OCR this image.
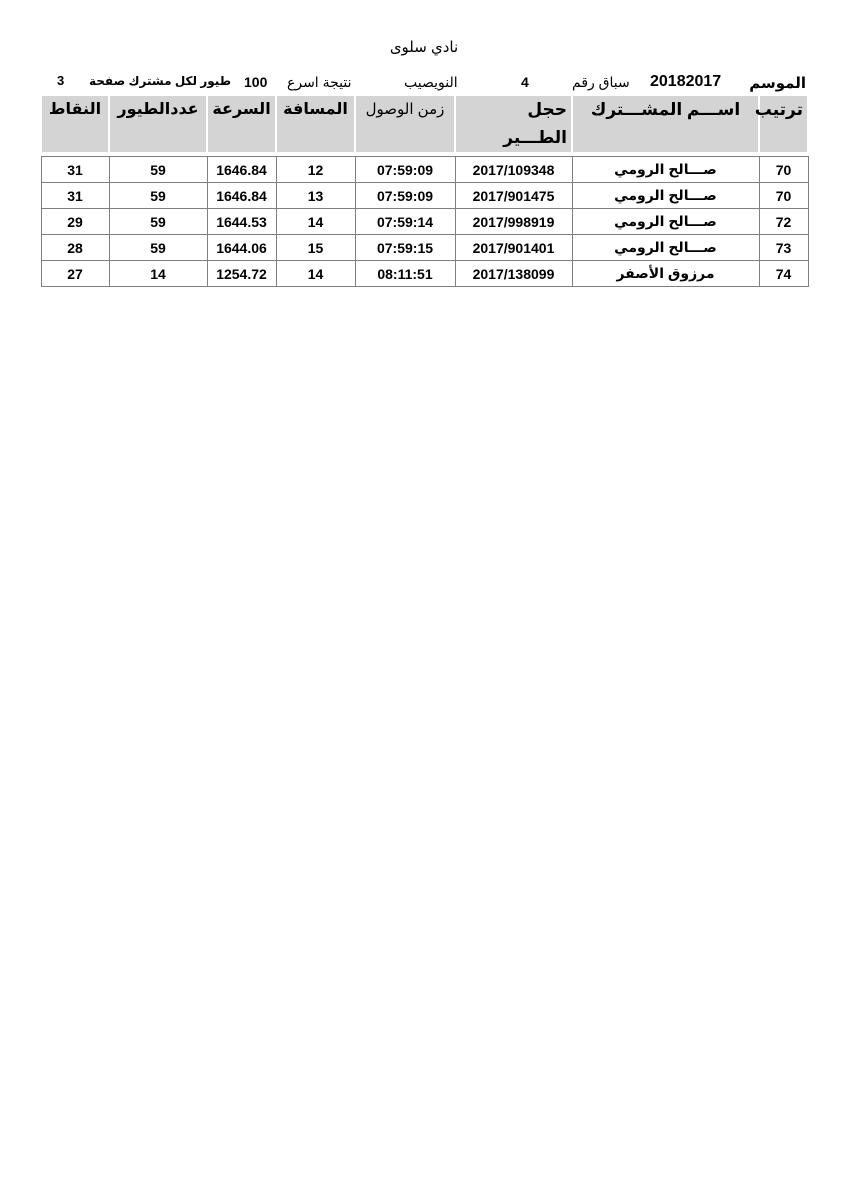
نادي سلوى
الموسم
20182017
سباق رقم
4
النويصيب
نتيجة اسرع
100
طيور لكل مشترك صفحة
3
ترتيب	اســـم المشـــترك	حجل الطـــير	زمن الوصول	المسافة	السرعة	عددالطيور	النقاط

70	صـــالح الرومي	2017/109348	07:59:09	12	1646.84	59	31
70	صـــالح الرومي	2017/901475	07:59:09	13	1646.84	59	31
72	صـــالح الرومي	2017/998919	07:59:14	14	1644.53	59	29
73	صـــالح الرومي	2017/901401	07:59:15	15	1644.06	59	28
74	مرزوق الأصفر	2017/138099	08:11:51	14	1254.72	14	27
